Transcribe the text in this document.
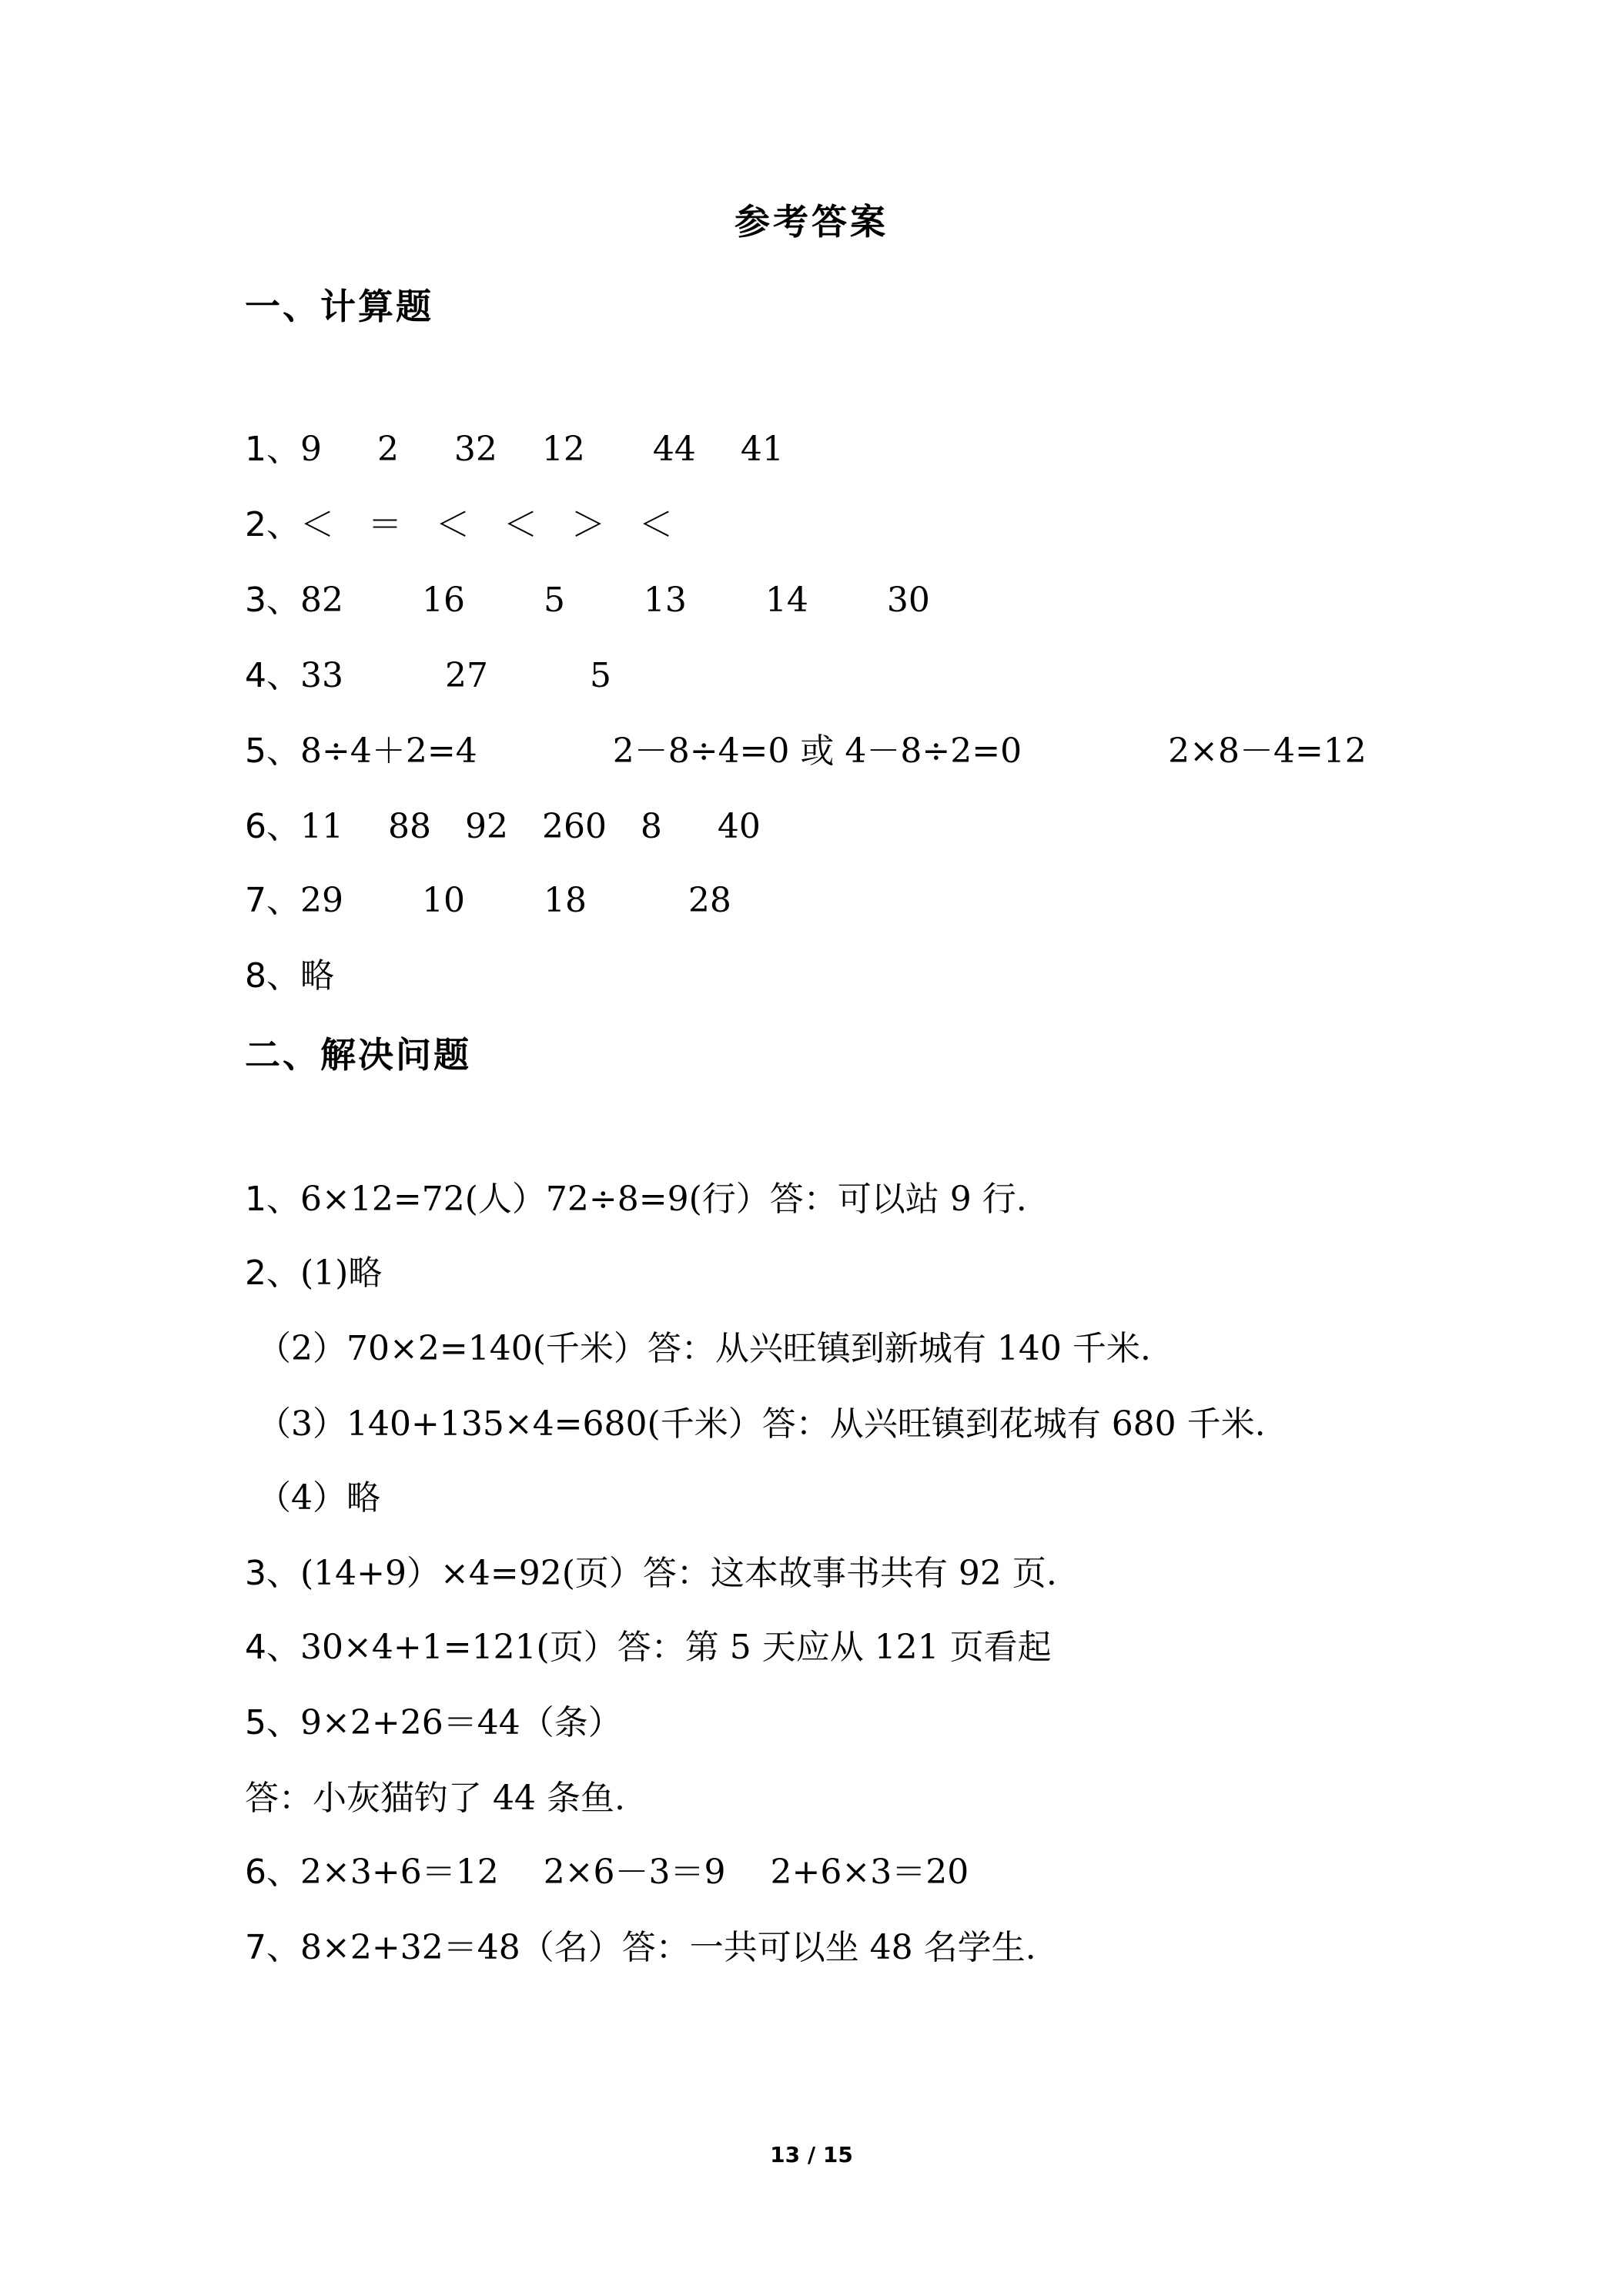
参考答案
一、计算题
1、9　  2　  32　 12　　44　 41
2、＜　＝　＜　＜　＞　＜
3、82　　 16　　 5　　 13　　 14　　 30
4、33　　　27　　　5
5、8÷4＋2=4　　　　2－8÷4=0 或 4－8÷2=0　　　　 2×8－4=12
6、11　 88　92　260　8　  40
7、29　　 10　　 18　　　28
8、略
二、解决问题
1、6×12=72(人）72÷8=9(行）答：可以站 9 行.
2、(1)略
（2）70×2=140(千米）答：从兴旺镇到新城有 140 千米.
（3）140+135×4=680(千米）答：从兴旺镇到花城有 680 千米.
（4）略
3、(14+9）×4=92(页）答：这本故事书共有 92 页.
4、30×4+1=121(页）答：第 5 天应从 121 页看起
5、9×2+26＝44（条）
答：小灰猫钓了 44 条鱼.
6、2×3+6＝12　 2×6－3＝9　 2+6×3＝20
7、8×2+32＝48（名）答：一共可以坐 48 名学生.
13 / 15
